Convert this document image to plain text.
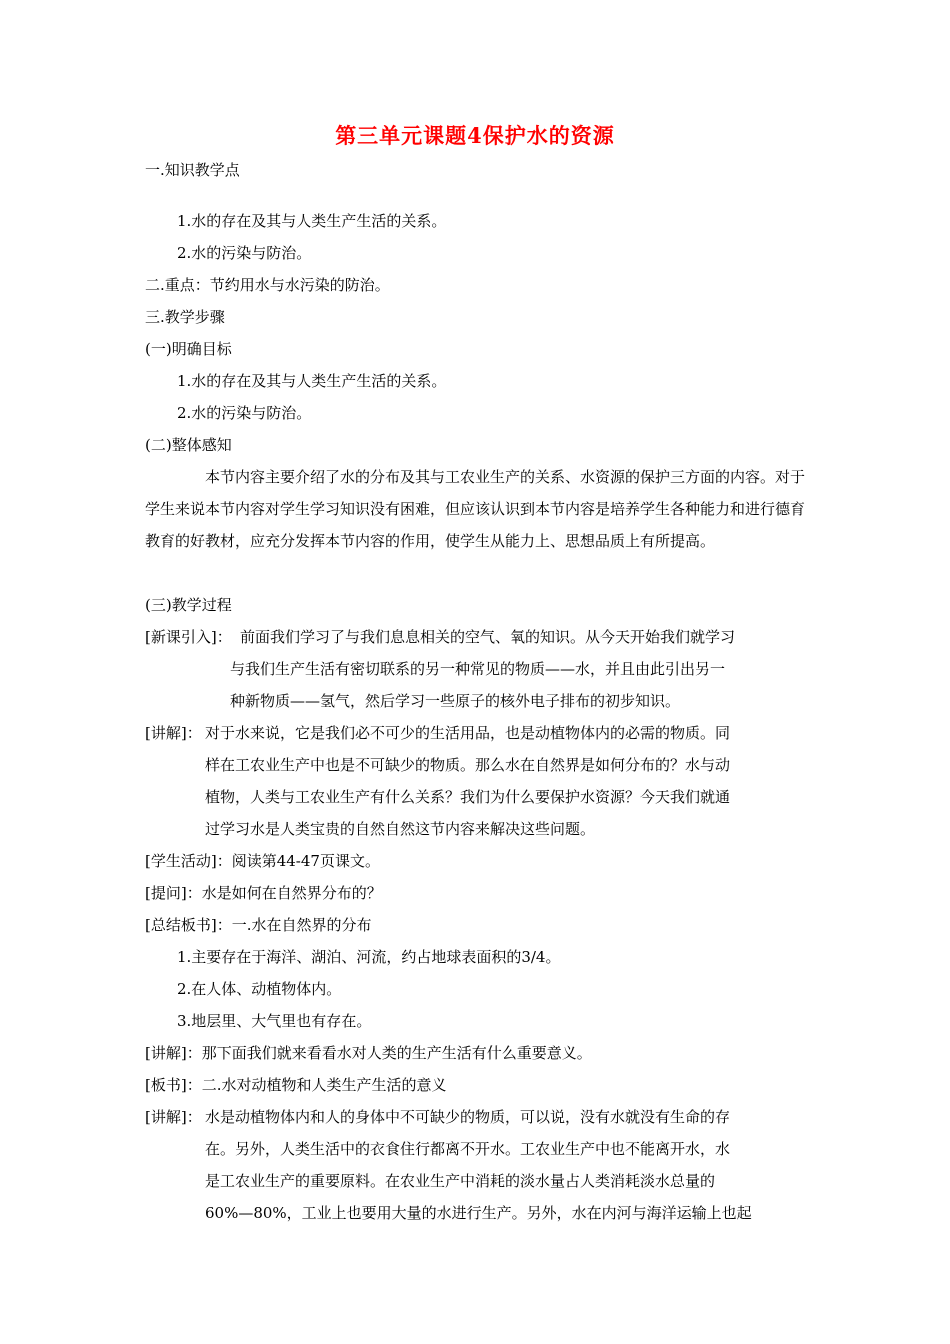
第三单元课题4保护水的资源
一.知识教学点
1.水的存在及其与人类生产生活的关系。
2.水的污染与防治。
二.重点：节约用水与水污染的防治。
三.教学步骤
(一)明确目标
1.水的存在及其与人类生产生活的关系。
2.水的污染与防治。
(二)整体感知
本节内容主要介绍了水的分布及其与工农业生产的关系、水资源的保护三方面的内容。对于学生来说本节内容对学生学习知识没有困难，但应该认识到本节内容是培养学生各种能力和进行德育教育的好教材，应充分发挥本节内容的作用，使学生从能力上、思想品质上有所提高。
(三)教学过程
[新课引入]： 前面我们学习了与我们息息相关的空气、氧的知识。从今天开始我们就学习
与我们生产生活有密切联系的另一种常见的物质——水，并且由此引出另一
种新物质——氢气，然后学习一些原子的核外电子排布的初步知识。
[讲解]： 对于水来说，它是我们必不可少的生活用品，也是动植物体内的必需的物质。同
样在工农业生产中也是不可缺少的物质。那么水在自然界是如何分布的？水与动
植物，人类与工农业生产有什么关系？我们为什么要保护水资源？今天我们就通
过学习水是人类宝贵的自然自然这节内容来解决这些问题。
[学生活动]：阅读第44-47页课文。
[提问]：水是如何在自然界分布的？
[总结板书]：一.水在自然界的分布
1.主要存在于海洋、湖泊、河流，约占地球表面积的3/4。
2.在人体、动植物体内。
3.地层里、大气里也有存在。
[讲解]：那下面我们就来看看水对人类的生产生活有什么重要意义。
[板书]：二.水对动植物和人类生产生活的意义
[讲解]： 水是动植物体内和人的身体中不可缺少的物质，可以说，没有水就没有生命的存
在。另外，人类生活中的衣食住行都离不开水。工农业生产中也不能离开水，水
是工农业生产的重要原料。在农业生产中消耗的淡水量占人类消耗淡水总量的
60%—80%，工业上也要用大量的水进行生产。另外，水在内河与海洋运输上也起
